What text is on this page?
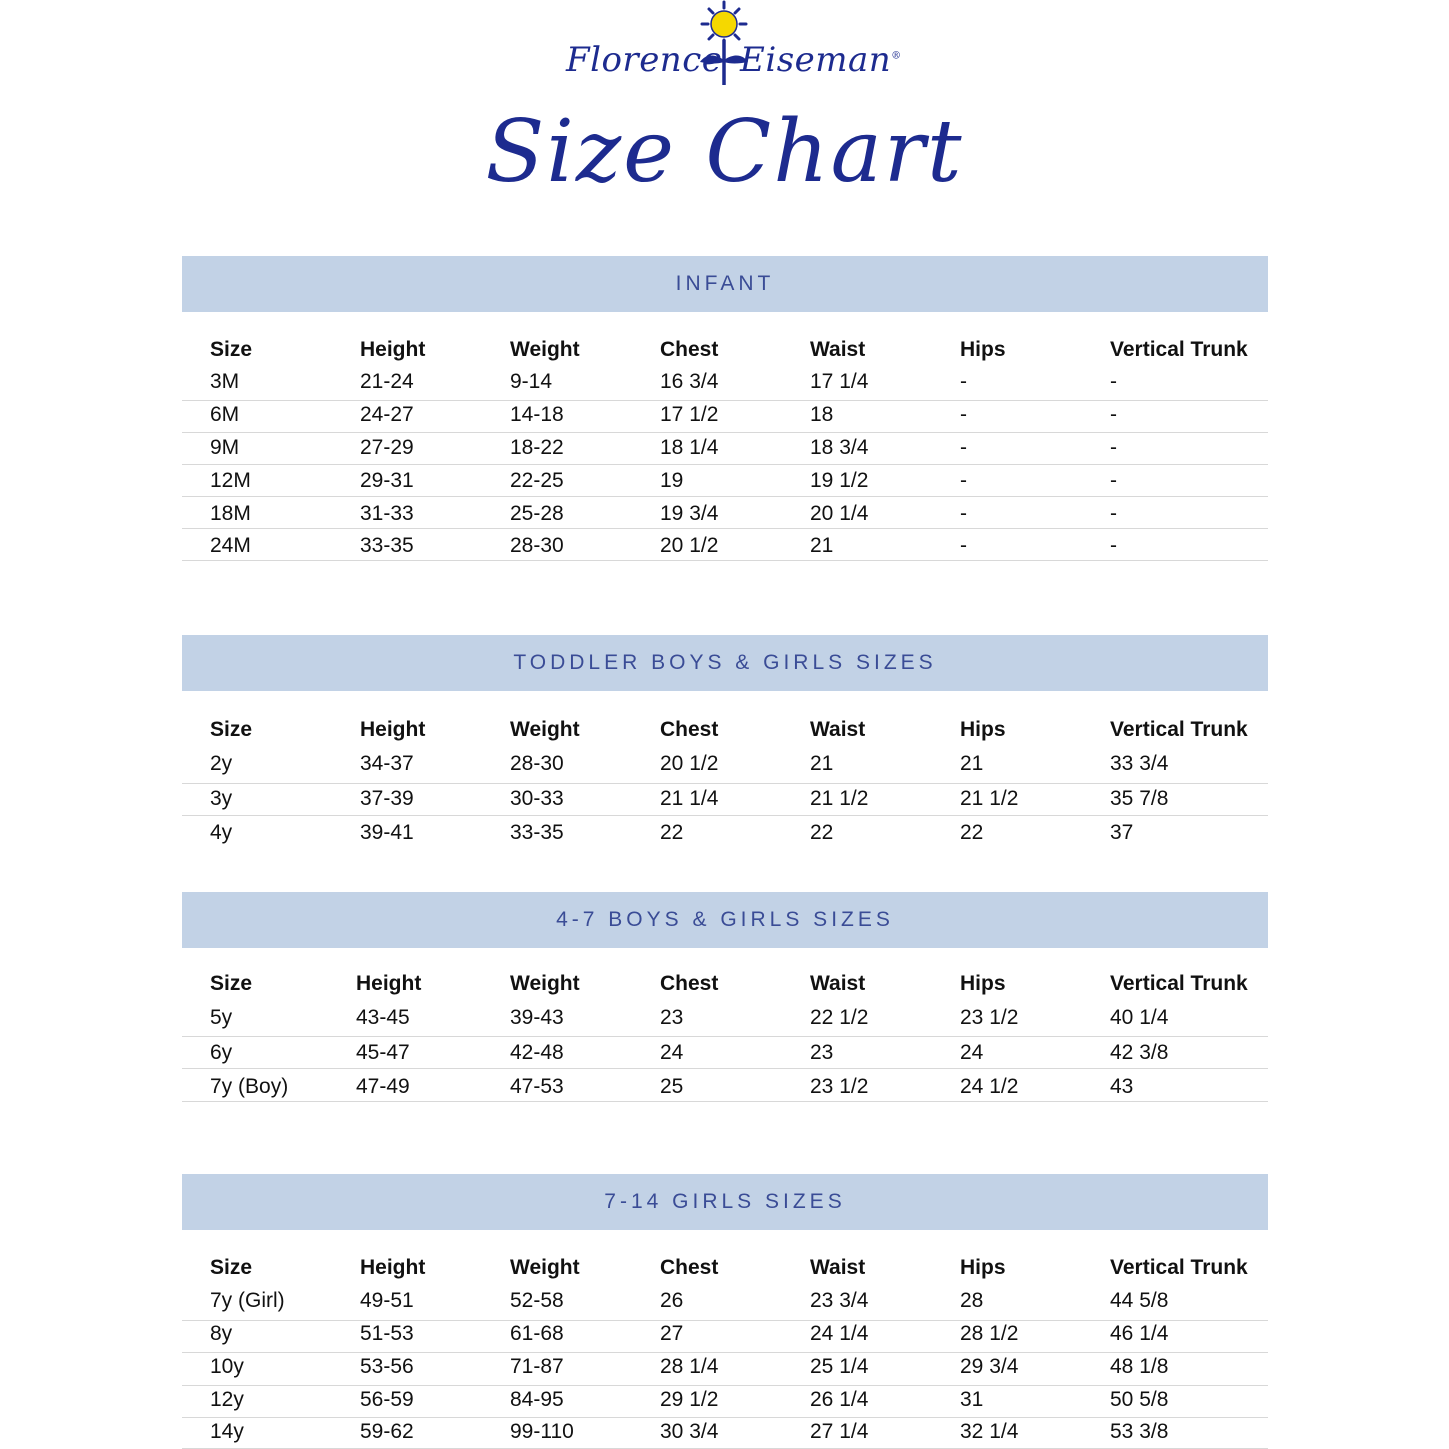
Florence Eiseman®
Size Chart
INFANT
Size	Height	Weight	Chest	Waist	Hips	Vertical Trunk
3M	21-24	9-14	16 3/4	17 1/4	-	-
6M	24-27	14-18	17 1/2	18	-	-
9M	27-29	18-22	18 1/4	18 3/4	-	-
12M	29-31	22-25	19	19 1/2	-	-
18M	31-33	25-28	19 3/4	20 1/4	-	-
24M	33-35	28-30	20 1/2	21	-	-
TODDLER BOYS & GIRLS SIZES
Size	Height	Weight	Chest	Waist	Hips	Vertical Trunk
2y	34-37	28-30	20 1/2	21	21	33 3/4
3y	37-39	30-33	21 1/4	21 1/2	21 1/2	35 7/8
4y	39-41	33-35	22	22	22	37
4-7 BOYS & GIRLS SIZES
Size	Height	Weight	Chest	Waist	Hips	Vertical Trunk
5y	43-45	39-43	23	22 1/2	23 1/2	40 1/4
6y	45-47	42-48	24	23	24	42 3/8
7y (Boy)	47-49	47-53	25	23 1/2	24 1/2	43
7-14 GIRLS SIZES
Size	Height	Weight	Chest	Waist	Hips	Vertical Trunk
7y (Girl)	49-51	52-58	26	23 3/4	28	44 5/8
8y	51-53	61-68	27	24 1/4	28 1/2	46 1/4
10y	53-56	71-87	28 1/4	25 1/4	29 3/4	48 1/8
12y	56-59	84-95	29 1/2	26 1/4	31	50 5/8
14y	59-62	99-110	30 3/4	27 1/4	32 1/4	53 3/8
